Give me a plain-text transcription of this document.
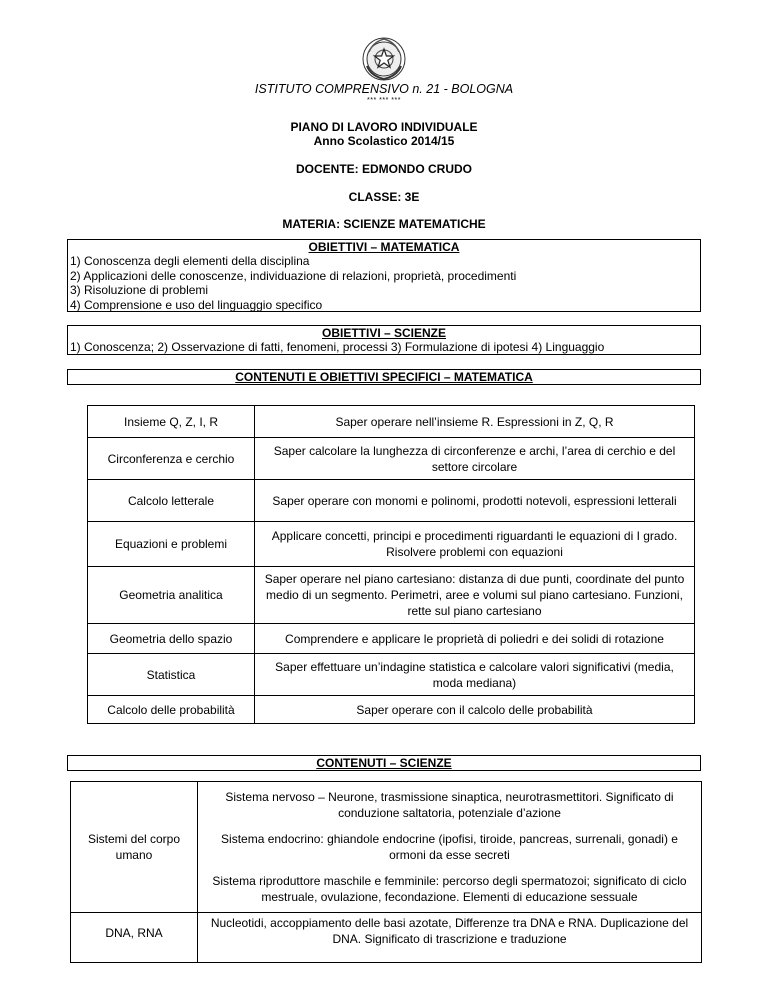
ISTITUTO COMPRENSIVO n. 21 - BOLOGNA
*** *** ***
PIANO DI LAVORO INDIVIDUALE
Anno Scolastico 2014/15
DOCENTE: EDMONDO CRUDO
CLASSE: 3E
MATERIA: SCIENZE MATEMATICHE
OBIETTIVI – MATEMATICA
1) Conoscenza degli elementi della disciplina
2) Applicazioni delle conoscenze, individuazione di relazioni, proprietà, procedimenti
3) Risoluzione di problemi
4) Comprensione e uso del linguaggio specifico
OBIETTIVI – SCIENZE
1) Conoscenza; 2) Osservazione di fatti, fenomeni, processi 3) Formulazione di ipotesi 4) Linguaggio
CONTENUTI E OBIETTIVI SPECIFICI – MATEMATICA
Insieme Q, Z, I, R	Saper operare nell’insieme R. Espressioni in Z, Q, R
Circonferenza e cerchio	Saper calcolare la lunghezza di circonferenze e archi, l’area di cerchio e del settore circolare
Calcolo letterale	Saper operare con monomi e polinomi, prodotti notevoli, espressioni letterali
Equazioni e problemi	Applicare concetti, principi e procedimenti riguardanti le equazioni di I grado. Risolvere problemi con equazioni
Geometria analitica	Saper operare nel piano cartesiano: distanza di due punti, coordinate del punto medio di un segmento. Perimetri, aree e volumi sul piano cartesiano. Funzioni, rette sul piano cartesiano
Geometria dello spazio	Comprendere e applicare le proprietà di poliedri e dei solidi di rotazione
Statistica	Saper effettuare un’indagine statistica e calcolare valori significativi (media, moda mediana)
Calcolo delle probabilità	Saper operare con il calcolo delle probabilità
CONTENUTI – SCIENZE
Sistemi del corpo umano	Sistema nervoso – Neurone, trasmissione sinaptica, neurotrasmettitori. Significato di conduzione saltatoria, potenziale d’azione
Sistema endocrino: ghiandole endocrine (ipofisi, tiroide, pancreas, surrenali, gonadi) e ormoni da esse secreti
Sistema riproduttore maschile e femminile: percorso degli spermatozoi; significato di ciclo mestruale, ovulazione, fecondazione. Elementi di educazione sessuale

DNA, RNA	Nucleotidi, accoppiamento delle basi azotate, Differenze tra DNA e RNA. Duplicazione del DNA. Significato di trascrizione e traduzione
